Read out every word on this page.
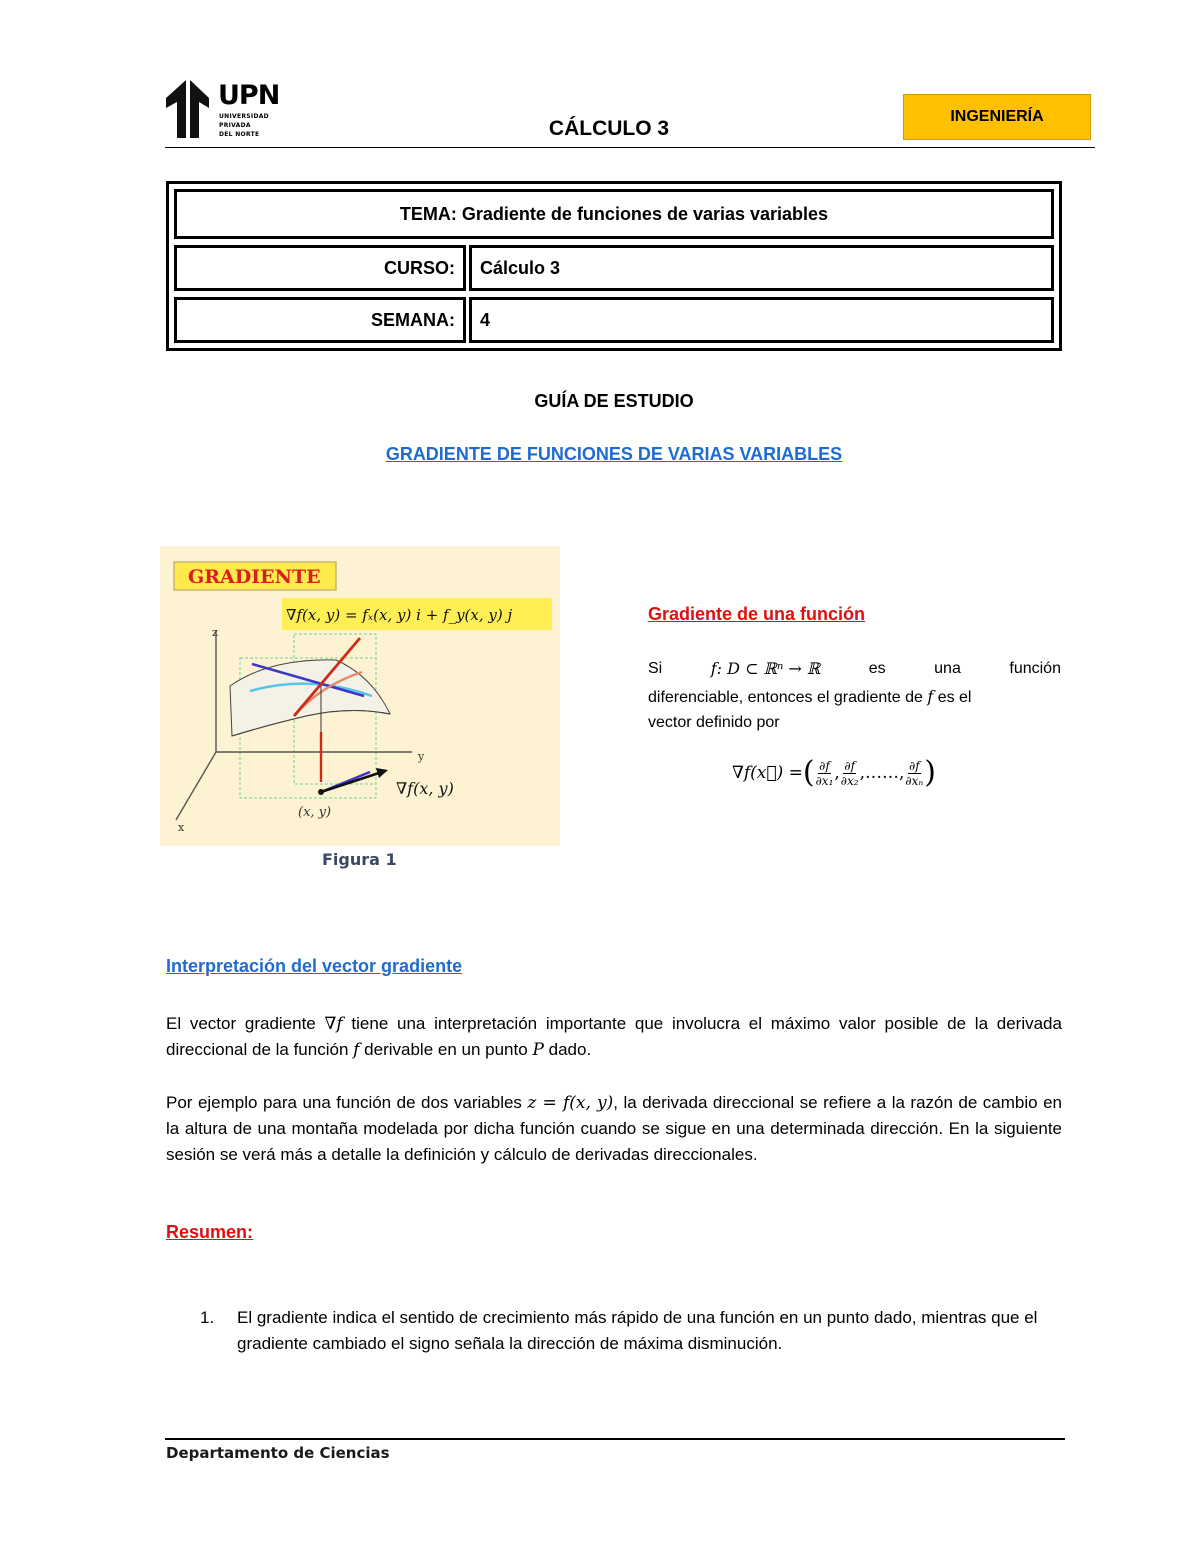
UPN
UNIVERSIDAD
PRIVADA
DEL NORTE	CÁLCULO 3
INGENIERÍA
TEMA: Gradiente de funciones de varias variables
CURSO:	Cálculo 3
SEMANA:	4
GUÍA DE ESTUDIO
GRADIENTE DE FUNCIONES DE VARIAS VARIABLES
GRADIENTE
∇f(x, y) = fₓ(x, y) i + f_y(x, y) j
z
y
x
∇f(x, y)
(x, y)
Figura 1
Gradiente de una función
Si	f: D ⊂ ℝⁿ → ℝ	es	una	función
diferenciable, entonces el gradiente de f es el
vector definido por
∇f(x⃗) = ( $\frac{\partial f}{\text{∂x₁}}$ , $\frac{\partial f}{\text{∂x₂}}$ , …… , $\frac{\partial f}{\text{∂xₙ}}$ )
Interpretación del vector gradiente
El vector gradiente ∇f tiene una interpretación importante que involucra el máximo valor posible de la derivada direccional de la función f derivable en un punto P dado.
Por ejemplo para una función de dos variables z = f(x, y), la derivada direccional se refiere a la razón de cambio en la altura de una montaña modelada por dicha función cuando se sigue en una determinada dirección. En la siguiente sesión se verá más a detalle la definición y cálculo de derivadas direccionales.
Resumen:
1. El gradiente indica el sentido de crecimiento más rápido de una función en un punto dado, mientras que el gradiente cambiado el signo señala la dirección de máxima disminución.
Departamento de Ciencias
